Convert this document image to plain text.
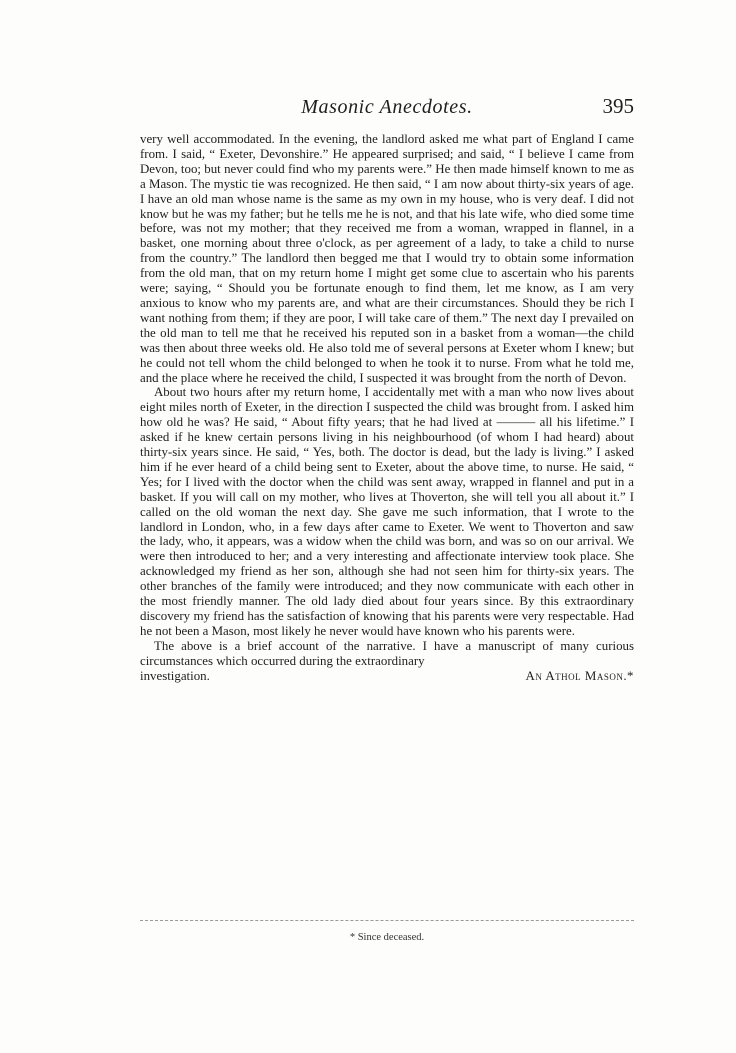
Masonic Anecdotes.	395

very well accommodated. In the evening, the landlord asked me what part of England I came from. I said, “ Exeter, Devonshire.” He appeared surprised; and said, “ I believe I came from Devon, too; but never could find who my parents were.” He then made himself known to me as a Mason. The mystic tie was recognized. He then said, “ I am now about thirty-six years of age. I have an old man whose name is the same as my own in my house, who is very deaf. I did not know but he was my father; but he tells me he is not, and that his late wife, who died some time before, was not my mother; that they received me from a woman, wrapped in flannel, in a basket, one morning about three o'clock, as per agreement of a lady, to take a child to nurse from the country.” The landlord then begged me that I would try to obtain some information from the old man, that on my return home I might get some clue to ascertain who his parents were; saying, “ Should you be fortunate enough to find them, let me know, as I am very anxious to know who my parents are, and what are their circumstances. Should they be rich I want nothing from them; if they are poor, I will take care of them.” The next day I prevailed on the old man to tell me that he received his reputed son in a basket from a woman—the child was then about three weeks old. He also told me of several persons at Exeter whom I knew; but he could not tell whom the child belonged to when he took it to nurse. From what he told me, and the place where he received the child, I suspected it was brought from the north of Devon.

About two hours after my return home, I accidentally met with a man who now lives about eight miles north of Exeter, in the direction I suspected the child was brought from. I asked him how old he was? He said, “ About fifty years; that he had lived at ——— all his lifetime.” I asked if he knew certain persons living in his neighbourhood (of whom I had heard) about thirty-six years since. He said, “ Yes, both. The doctor is dead, but the lady is living.” I asked him if he ever heard of a child being sent to Exeter, about the above time, to nurse. He said, “ Yes; for I lived with the doctor when the child was sent away, wrapped in flannel and put in a basket. If you will call on my mother, who lives at Thoverton, she will tell you all about it.” I called on the old woman the next day. She gave me such information, that I wrote to the landlord in London, who, in a few days after came to Exeter. We went to Thoverton and saw the lady, who, it appears, was a widow when the child was born, and was so on our arrival. We were then introduced to her; and a very interesting and affectionate interview took place. She acknowledged my friend as her son, although she had not seen him for thirty-six years. The other branches of the family were introduced; and they now communicate with each other in the most friendly manner. The old lady died about four years since. By this extraordinary discovery my friend has the satisfaction of knowing that his parents were very respectable. Had he not been a Mason, most likely he never would have known who his parents were.

The above is a brief account of the narrative. I have a manuscript of many curious circumstances which occurred during the extraordinary

investigation.	An Athol Mason.*
* Since deceased.
